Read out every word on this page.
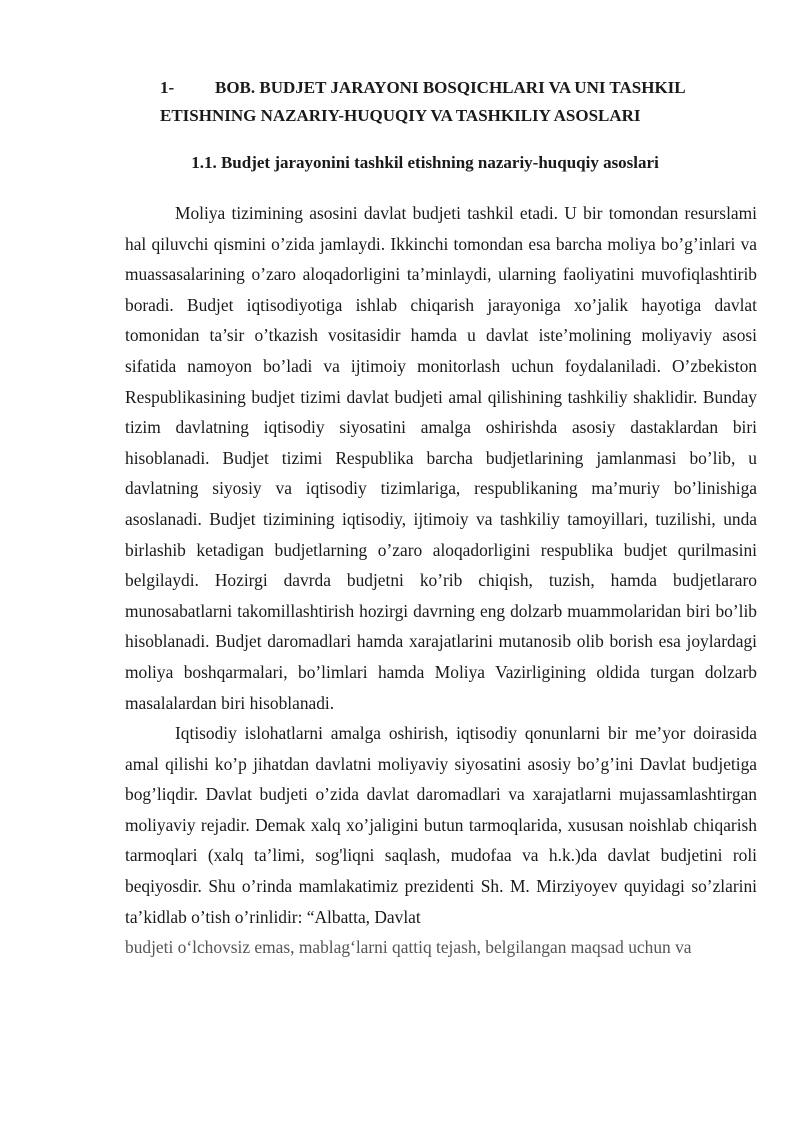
1- BOB. BUDJET JARAYONI BOSQICHLARI VA UNI TASHKIL
ETISHNING NAZARIY-HUQUQIY VA TASHKILIY ASOSLARI
1.1. Budjet jarayonini tashkil etishning nazariy-huquqiy asoslari

Moliya tizimining asosini davlat budjeti tashkil etadi. U bir tomondan resurslami hal qiluvchi qismini o’zida jamlaydi. Ikkinchi tomondan esa barcha moliya bo’g’inlari va muassasalarining o’zaro aloqadorligini ta’minlaydi, ularning faoliyatini muvofiqlashtirib boradi. Budjet iqtisodiyotiga ishlab chiqarish jarayoniga xo’jalik hayotiga davlat tomonidan ta’sir o’tkazish vositasidir hamda u davlat iste’molining moliyaviy asosi sifatida namoyon bo’ladi va ijtimoiy monitorlash uchun foydalaniladi. O’zbekiston Respublikasining budjet tizimi davlat budjeti amal qilishining tashkiliy shaklidir. Bunday tizim davlatning iqtisodiy siyosatini amalga oshirishda asosiy dastaklardan biri hisoblanadi. Budjet tizimi Respublika barcha budjetlarining jamlanmasi bo’lib, u davlatning siyosiy va iqtisodiy tizimlariga, respublikaning ma’muriy bo’linishiga asoslanadi. Budjet tizimining iqtisodiy, ijtimoiy va tashkiliy tamoyillari, tuzilishi, unda birlashib ketadigan budjetlarning o’zaro aloqadorligini respublika budjet qurilmasini belgilaydi. Hozirgi davrda budjetni ko’rib chiqish, tuzish, hamda budjetlararo munosabatlarni takomillashtirish hozirgi davrning eng dolzarb muammolaridan biri bo’lib hisoblanadi. Budjet daromadlari hamda xarajatlarini mutanosib olib borish esa joylardagi moliya boshqarmalari, bo’limlari hamda Moliya Vazirligining oldida turgan dolzarb masalalardan biri hisoblanadi.

Iqtisodiy islohatlarni amalga oshirish, iqtisodiy qonunlarni bir me’yor doirasida amal qilishi ko’p jihatdan davlatni moliyaviy siyosatini asosiy bo’g’ini Davlat budjetiga bog’liqdir. Davlat budjeti o’zida davlat daromadlari va xarajatlarni mujassamlashtirgan moliyaviy rejadir. Demak xalq xo’jaligini butun tarmoqlarida, xususan noishlab chiqarish tarmoqlari (xalq ta’limi, sog'liqni saqlash, mudofaa va h.k.)da davlat budjetini roli beqiyosdir. Shu o’rinda mamlakatimiz prezidenti Sh. M. Mirziyoyev quyidagi so’zlarini ta’kidlab o’tish o’rinlidir: “Albatta, Davlat

budjeti o‘lchovsiz emas, mablag‘larni qattiq tejash, belgilangan maqsad uchun va
